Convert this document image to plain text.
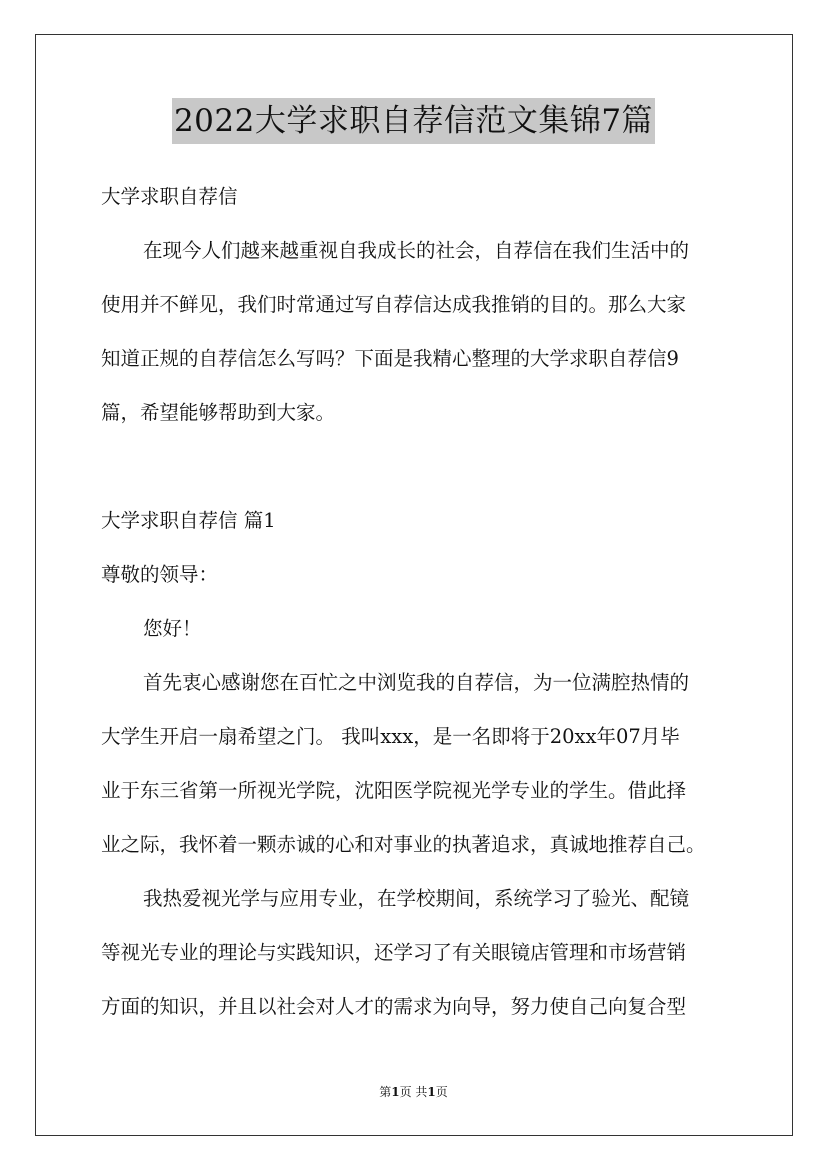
2022大学求职自荐信范文集锦7篇
大学求职自荐信
在现今人们越来越重视自我成长的社会，自荐信在我们生活中的
使用并不鲜见，我们时常通过写自荐信达成我推销的目的。那么大家
知道正规的自荐信怎么写吗？下面是我精心整理的大学求职自荐信9
篇，希望能够帮助到大家。
大学求职自荐信 篇1
尊敬的领导：
您好！
首先衷心感谢您在百忙之中浏览我的自荐信，为一位满腔热情的
大学生开启一扇希望之门。 我叫xxx，是一名即将于20xx年07月毕
业于东三省第一所视光学院，沈阳医学院视光学专业的学生。借此择
业之际，我怀着一颗赤诚的心和对事业的执著追求，真诚地推荐自己。
我热爱视光学与应用专业，在学校期间，系统学习了验光、配镜
等视光专业的理论与实践知识，还学习了有关眼镜店管理和市场营销
方面的知识，并且以社会对人才的需求为向导，努力使自己向复合型
第1页 共1页
